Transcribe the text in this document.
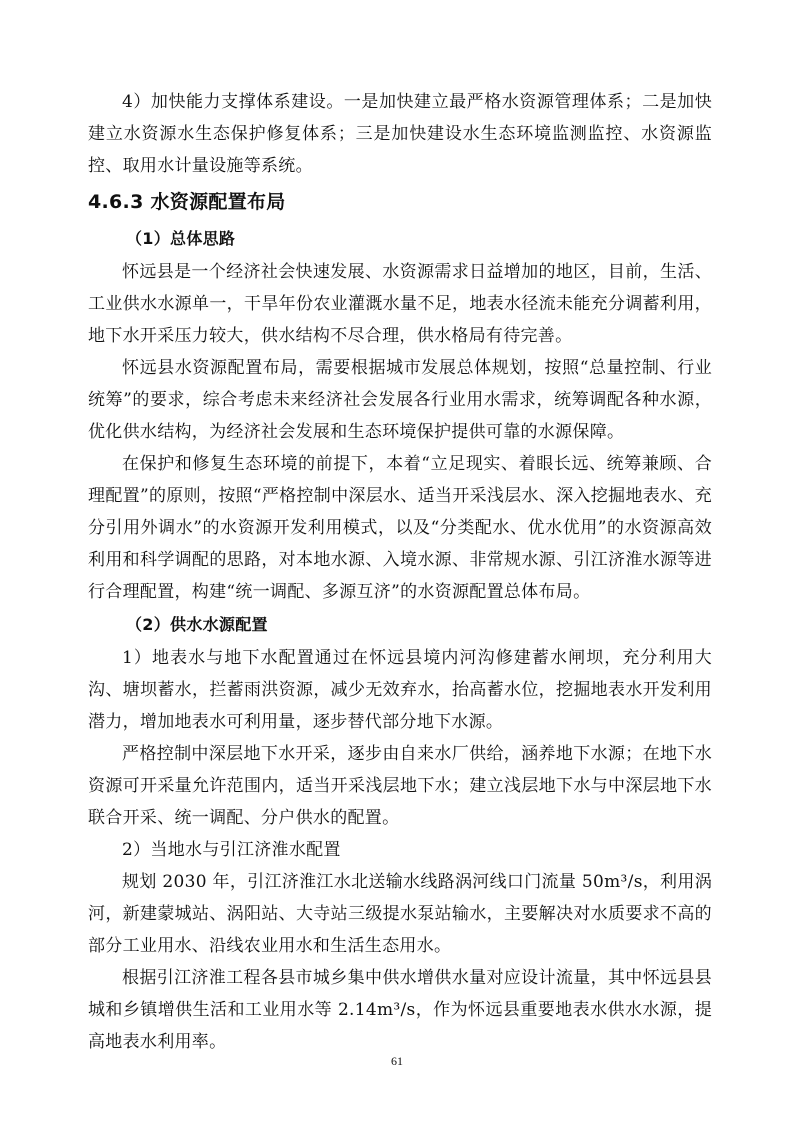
4）加快能力支撑体系建设。一是加快建立最严格水资源管理体系；二是加快建立水资源水生态保护修复体系；三是加快建设水生态环境监测监控、水资源监控、取用水计量设施等系统。

4.6.3 水资源配置布局
（1）总体思路

怀远县是一个经济社会快速发展、水资源需求日益增加的地区，目前，生活、工业供水水源单一，干旱年份农业灌溉水量不足，地表水径流未能充分调蓄利用，地下水开采压力较大，供水结构不尽合理，供水格局有待完善。

怀远县水资源配置布局，需要根据城市发展总体规划，按照“总量控制、行业统筹”的要求，综合考虑未来经济社会发展各行业用水需求，统筹调配各种水源，优化供水结构，为经济社会发展和生态环境保护提供可靠的水源保障。

在保护和修复生态环境的前提下，本着“立足现实、着眼长远、统筹兼顾、合理配置”的原则，按照“严格控制中深层水、适当开采浅层水、深入挖掘地表水、充分引用外调水”的水资源开发利用模式，以及“分类配水、优水优用”的水资源高效利用和科学调配的思路，对本地水源、入境水源、非常规水源、引江济淮水源等进行合理配置，构建“统一调配、多源互济”的水资源配置总体布局。

（2）供水水源配置

1）地表水与地下水配置通过在怀远县境内河沟修建蓄水闸坝，充分利用大沟、塘坝蓄水，拦蓄雨洪资源，减少无效弃水，抬高蓄水位，挖掘地表水开发利用潜力，增加地表水可利用量，逐步替代部分地下水源。

严格控制中深层地下水开采，逐步由自来水厂供给，涵养地下水源；在地下水资源可开采量允许范围内，适当开采浅层地下水；建立浅层地下水与中深层地下水联合开采、统一调配、分户供水的配置。

2）当地水与引江济淮水配置

规划 2030 年，引江济淮江水北送输水线路涡河线口门流量 50m³/s，利用涡河，新建蒙城站、涡阳站、大寺站三级提水泵站输水，主要解决对水质要求不高的部分工业用水、沿线农业用水和生活生态用水。

根据引江济淮工程各县市城乡集中供水增供水量对应设计流量，其中怀远县县城和乡镇增供生活和工业用水等 2.14m³/s，作为怀远县重要地表水供水水源，提高地表水利用率。

61
